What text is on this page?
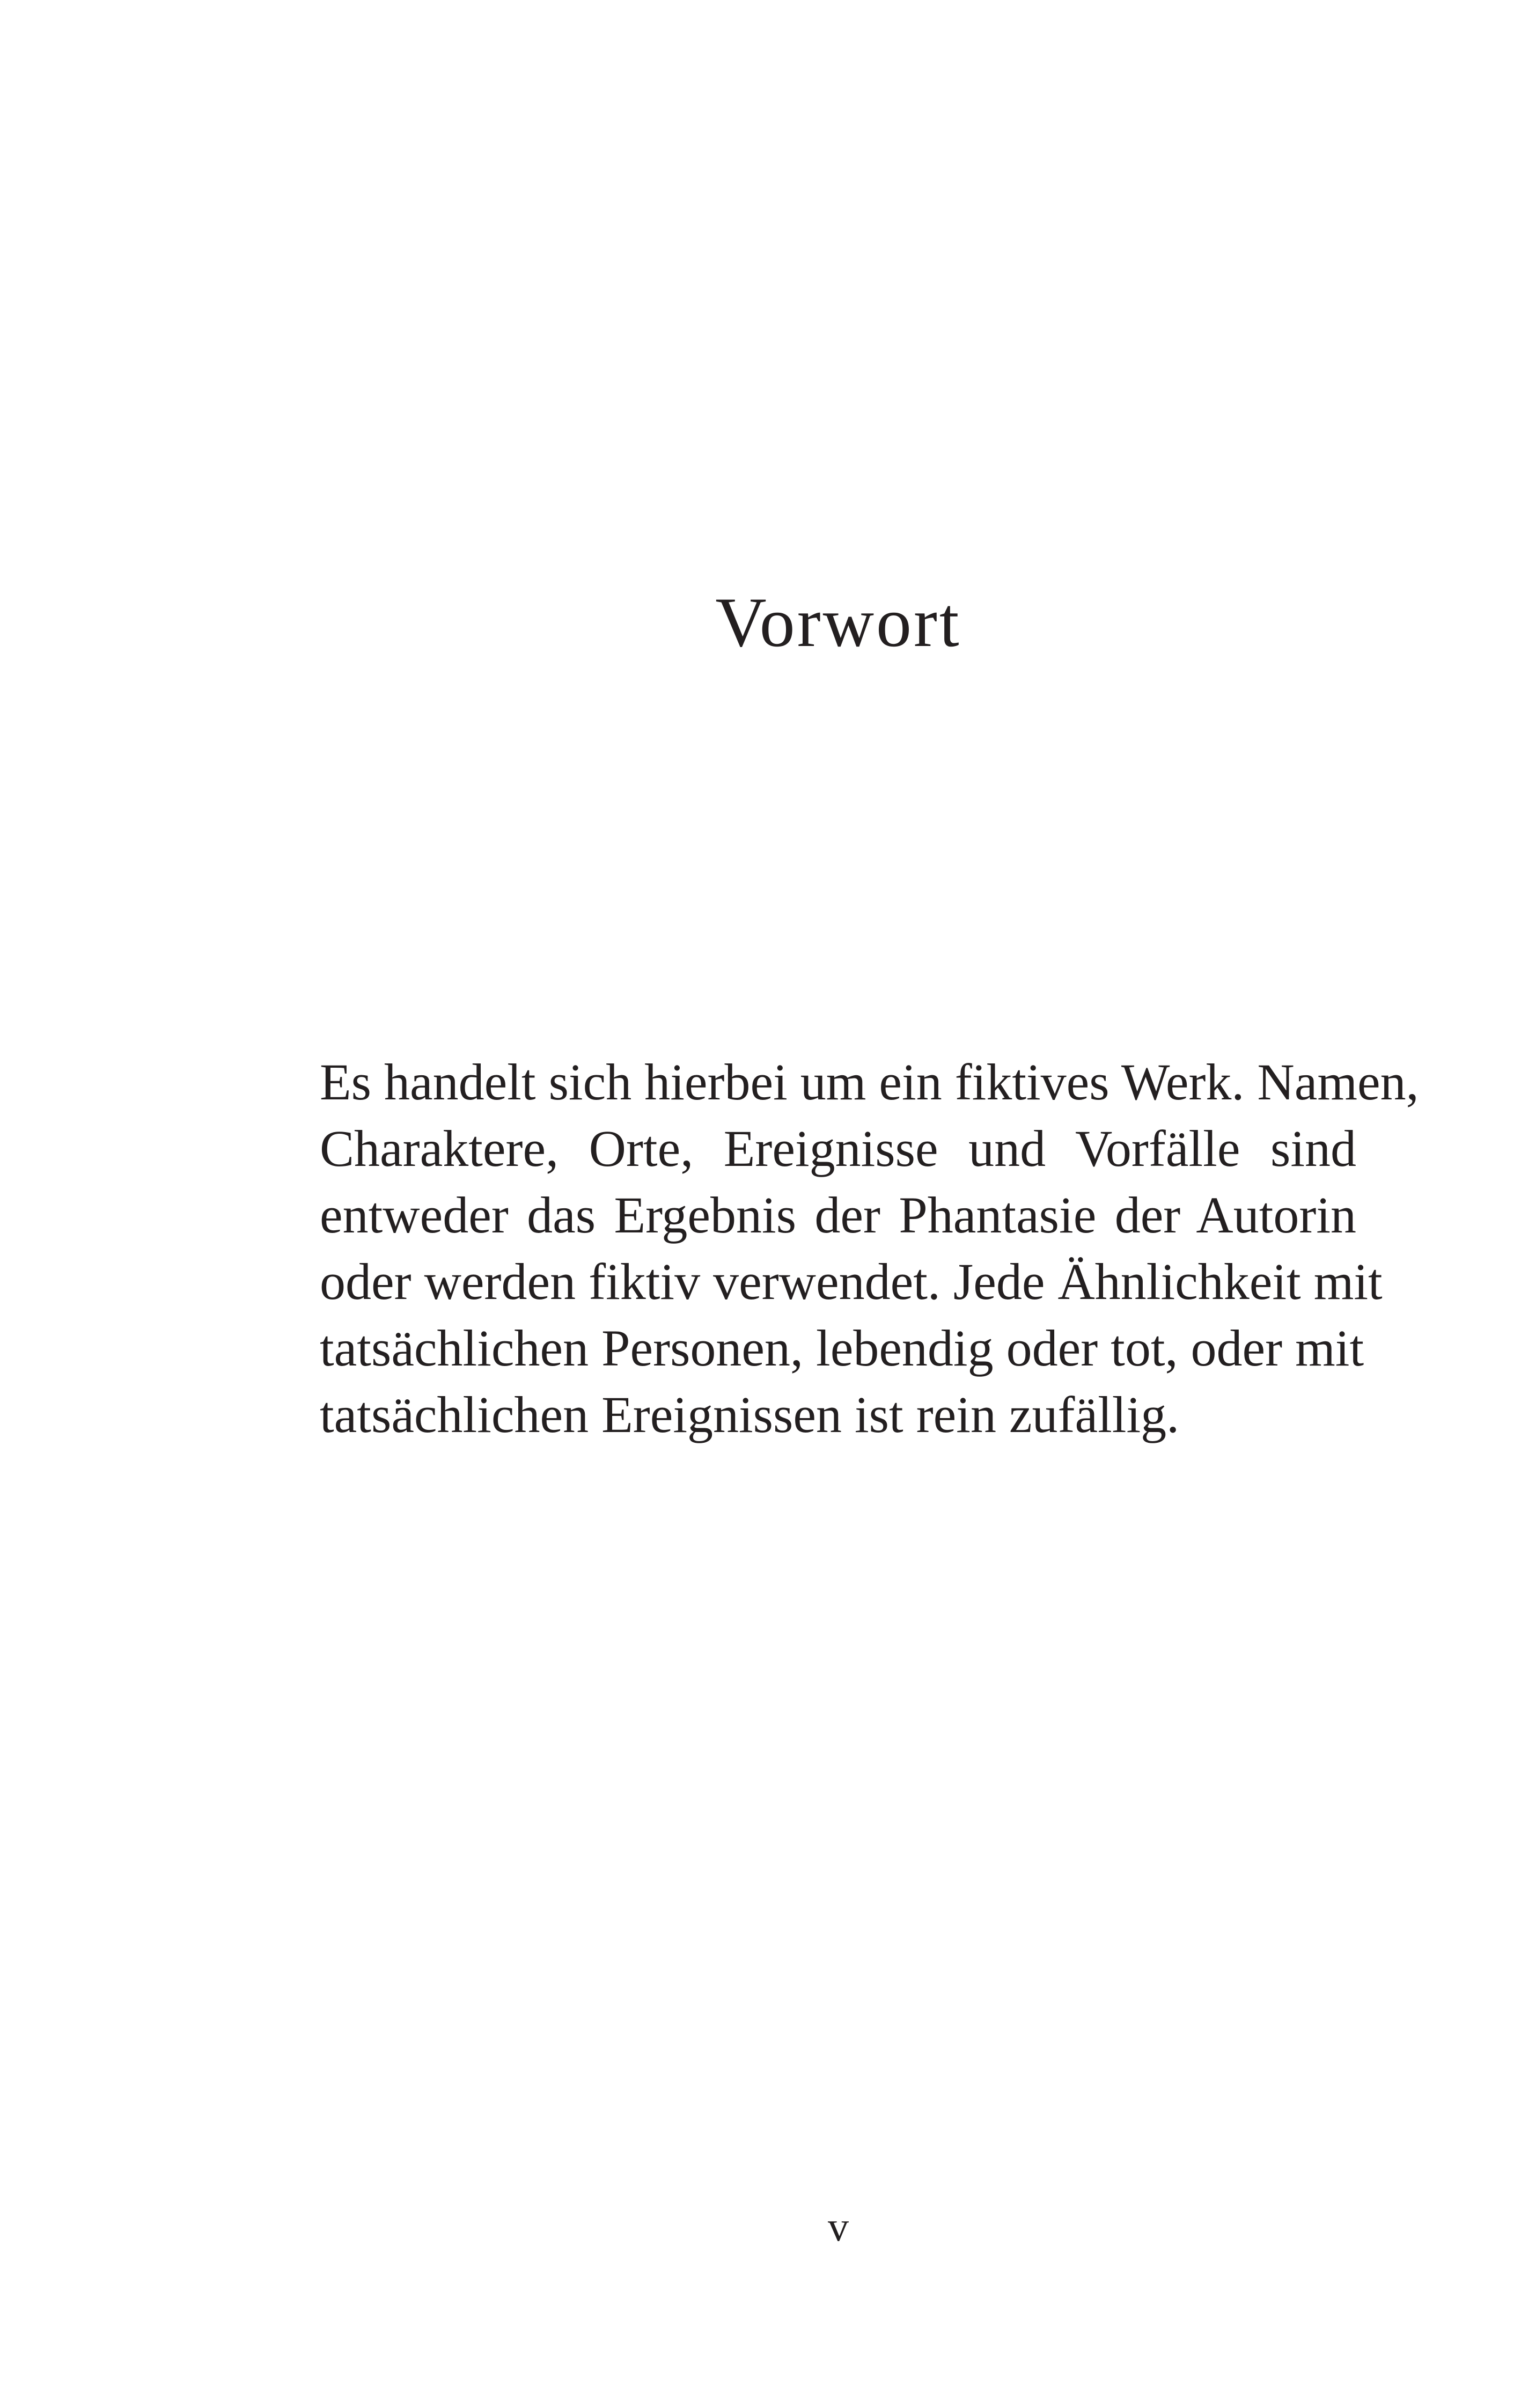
Vorwort

Es handelt sich hierbei um ein fiktives Werk. Namen,
Charaktere, Orte, Ereignisse und Vorfälle sind
entweder das Ergebnis der Phantasie der Autorin
oder werden fiktiv verwendet. Jede Ähnlichkeit mit
tatsächlichen Personen, lebendig oder tot, oder mit
tatsächlichen Ereignissen ist rein zufällig.

v
